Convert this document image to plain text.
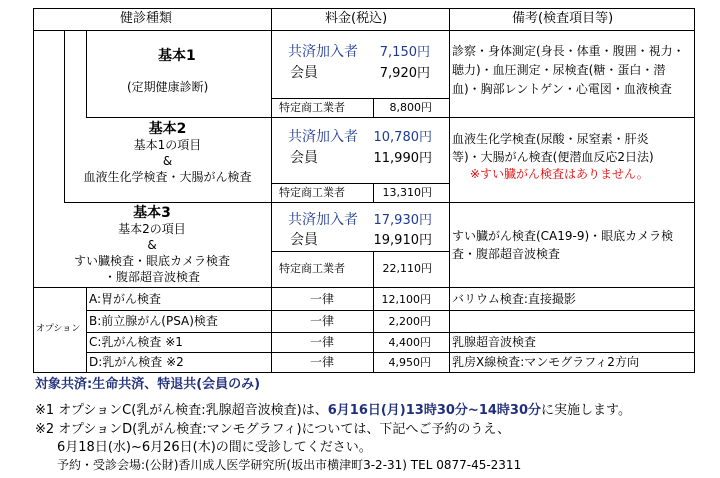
健診種類	料金(税込)	備考(検査項目等)
基本1
(定期健康診断)
共済加入者	7,150円
会員	7,920円
特定商工業者	8,800円
診察・身体測定(身長・体重・腹囲・視力・
聴力)・血圧測定・尿検査(糖・蛋白・潜
血)・胸部レントゲン・心電図・血液検査
基本2
基本1の項目
&
血液生化学検査・大腸がん検査
共済加入者 10,780円
会員	11,990円
特定商工業者	13,310円
血液生化学検査(尿酸・尿窒素・肝炎
等)・大腸がん検査(便潜血反応2日法)
※すい臓がん検査はありません。
基本3
基本2の項目
&
すい臓検査・眼底カメラ検査
・腹部超音波検査
共済加入者 17,930円
会員	19,910円
特定商工業者	22,110円
すい臓がん検査(CA19-9)・眼底カメラ検
査・腹部超音波検査
オプション
A:胃がん検査	一律	12,100円 バリウム検査:直接撮影
B:前立腺がん(PSA)検査	一律	2,200円
C:乳がん検査 ※1	一律	4,400円 乳腺超音波検査
D:乳がん検査 ※2	一律	4,950円 乳房X線検査:マンモグラフィ2方向
対象共済:生命共済、特退共(会員のみ)
※1 オプションC(乳がん検査:乳腺超音波検査)は、6月16日(月)13時30分~14時30分に実施します。
※2 オプションD(乳がん検査:マンモグラフィ)については、下記へご予約のうえ、
6月18日(水)~6月26日(木)の間に受診してください。
予約・受診会場:(公財)香川成人医学研究所(坂出市横津町3-2-31) TEL 0877-45-2311
